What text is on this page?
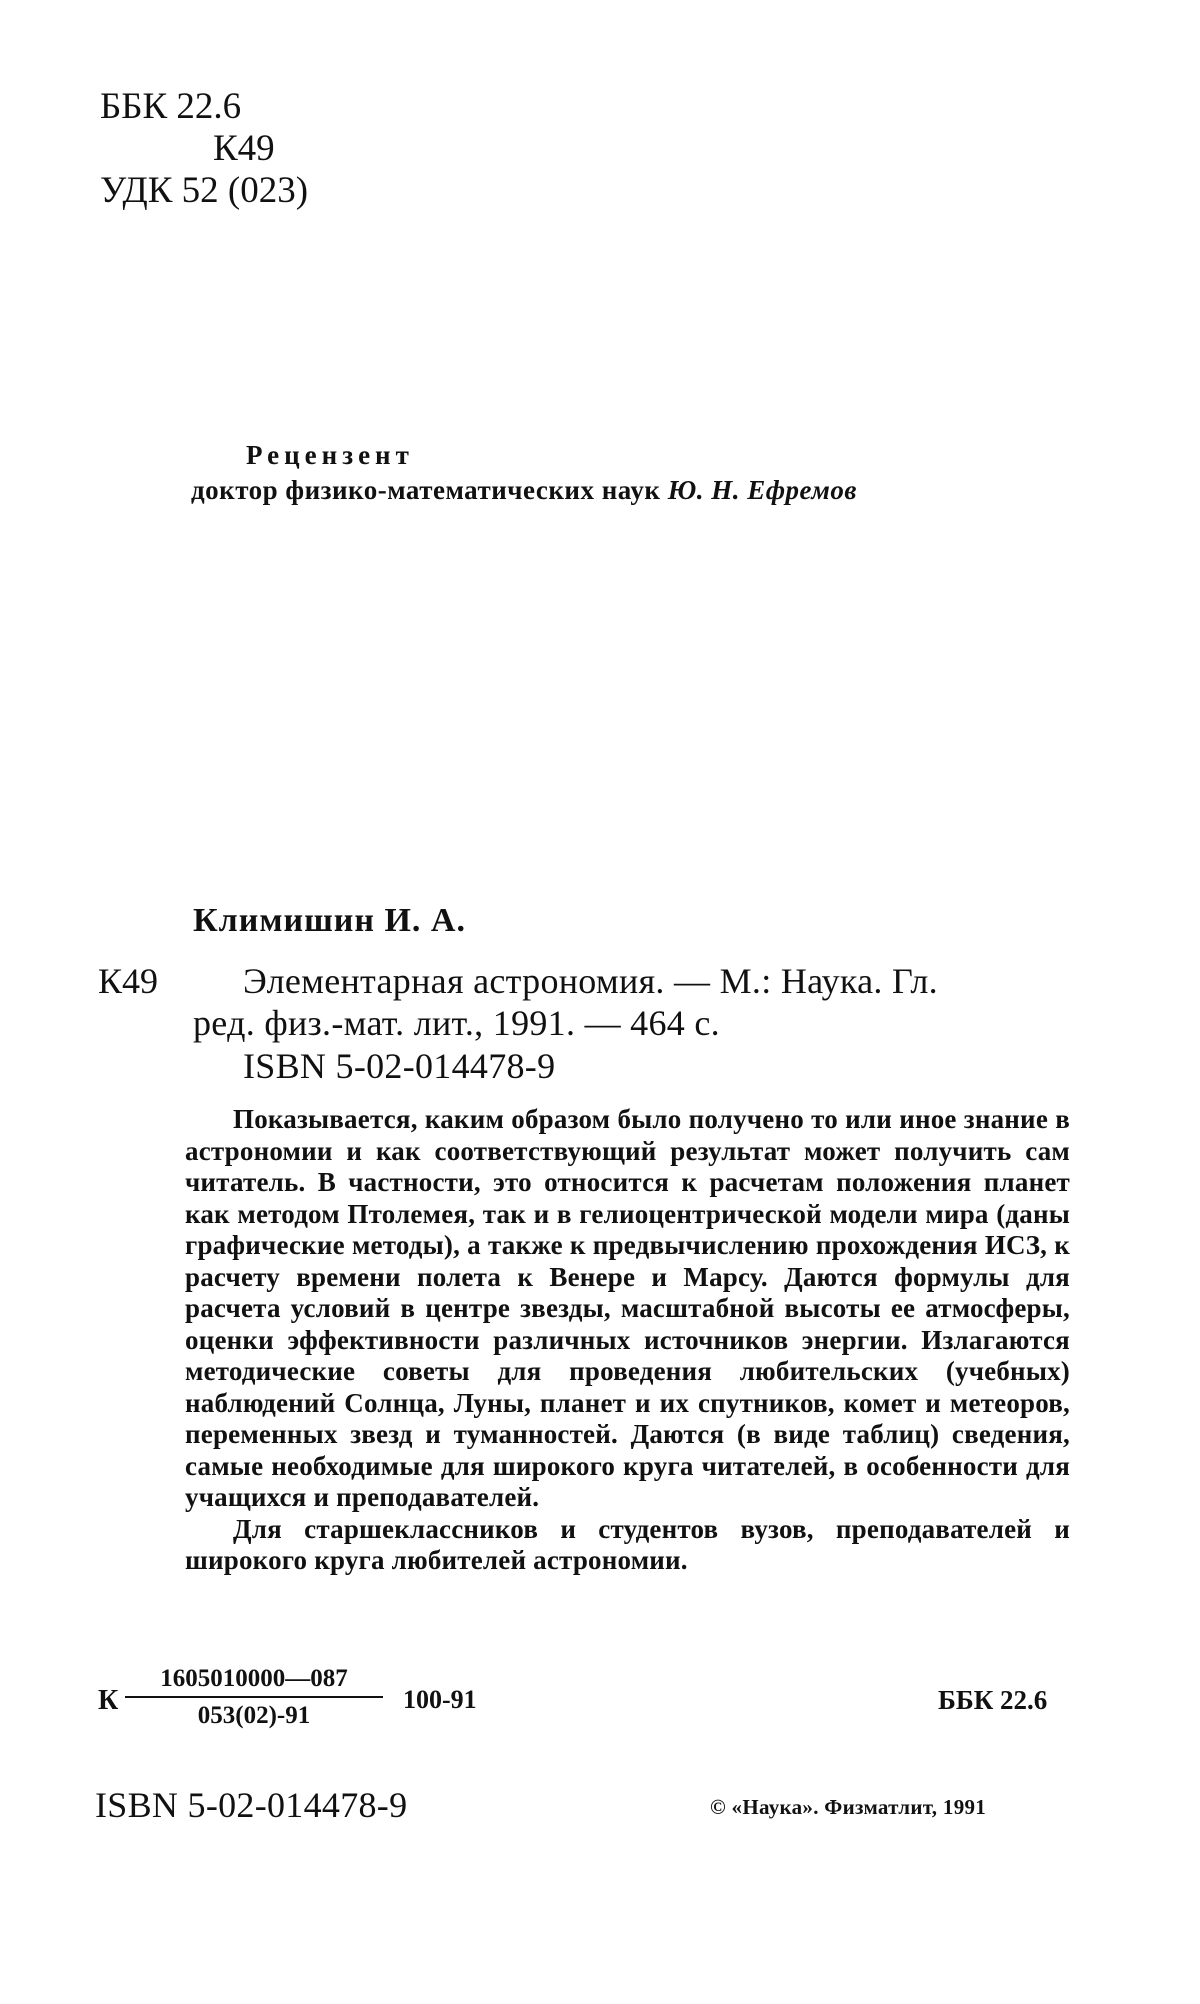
ББК 22.6
К49
УДК 52 (023)
Рецензент
доктор физико-математических наук Ю. Н. Ефремов
Климишин И. А.
К49 Элементарная астрономия. — М.: Наука. Гл.
ред. физ.-мат. лит., 1991. — 464 с.
ISBN 5-02-014478-9

Показывается, каким образом было получено то или иное знание в астрономии и как соответствующий результат может получить сам читатель. В частности, это относится к расчетам положения планет как методом Птолемея, так и в гелиоцентрической модели мира (даны графические методы), а также к предвычислению прохождения ИСЗ, к расчету времени полета к Венере и Марсу. Даются формулы для расчета условий в центре звезды, масштабной высоты ее атмосферы, оценки эффективности различных источников энергии. Излагаются методические советы для проведения любительских (учебных) наблюдений Солнца, Луны, планет и их спутников, комет и метеоров, переменных звезд и туманностей. Даются (в виде таблиц) сведения, самые необходимые для широкого круга читателей, в особенности для учащихся и преподавателей.

Для старшеклассников и студентов вузов, преподавателей и широкого круга любителей астрономии.

К $\frac{1605010000—087}{053(02)-91} 100-91$	ББК 22.6
ISBN 5-02-014478-9	© «Наука». Физматлит, 1991
